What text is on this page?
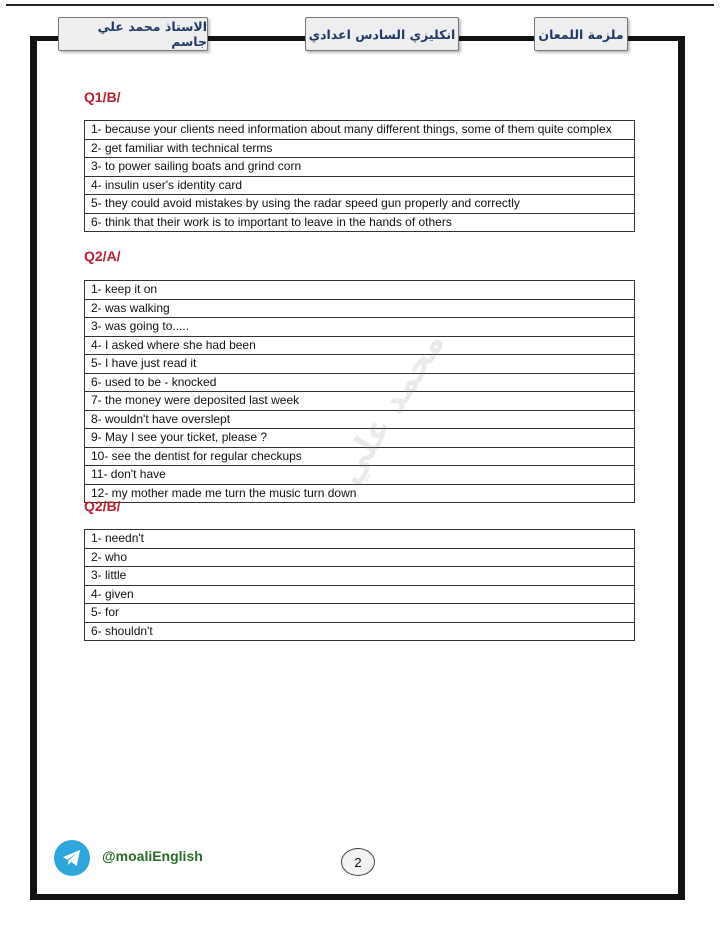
الاستاذ محمد علي جاسم	انكليزي السادس اعدادي	ملزمة اللمعان
Q1/B/
1- because your clients need information about many different things, some of them quite complex
2- get familiar with technical terms
3- to power sailing boats and grind corn
4- insulin user's identity card
5- they could avoid mistakes by using the radar speed gun properly and correctly
6- think that their work is to important to leave in the hands of others
Q2/A/
1- keep it on
2- was walking
3- was going to.....
4- I asked where she had been
5- I have just read it
6- used to be - knocked
7- the money were deposited last week
8- wouldn't have overslept
9- May I see your ticket, please ?
10- see the dentist for regular checkups
11- don't have
12- my mother made me turn the music turn down
Q2/B/
1- needn't
2- who
3- little
4- given
5- for
6- shouldn't
محمد علي
@moaliEnglish	2
